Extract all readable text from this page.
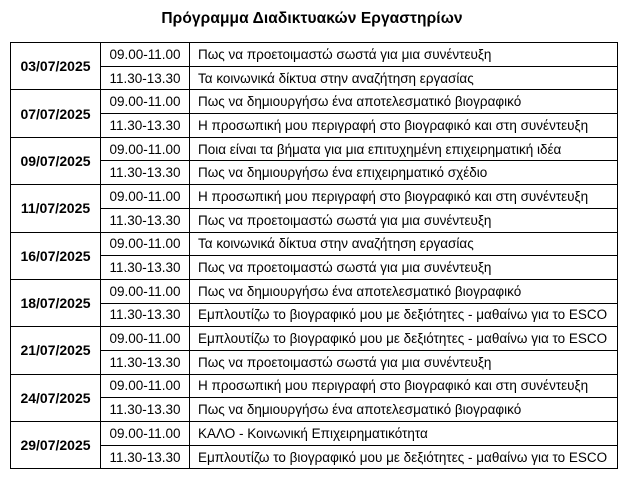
Πρόγραμμα Διαδικτυακών Εργαστηρίων
03/07/2025	09.00-11.00	Πως να προετοιμαστώ σωστά για μια συνέντευξη
	11.30-13.30	Τα κοινωνικά δίκτυα στην αναζήτηση εργασίας
07/07/2025	09.00-11.00	Πως να δημιουργήσω ένα αποτελεσματικό βιογραφικό
	11.30-13.30	Η προσωπική μου περιγραφή στο βιογραφικό και στη συνέντευξη
09/07/2025	09.00-11.00	Ποια είναι τα βήματα για μια επιτυχημένη επιχειρηματική ιδέα
	11.30-13.30	Πως να δημιουργήσω ένα επιχειρηματικό σχέδιο
11/07/2025	09.00-11.00	Η προσωπική μου περιγραφή στο βιογραφικό και στη συνέντευξη
	11.30-13.30	Πως να προετοιμαστώ σωστά για μια συνέντευξη
16/07/2025	09.00-11.00	Τα κοινωνικά δίκτυα στην αναζήτηση εργασίας
	11.30-13.30	Πως να προετοιμαστώ σωστά για μια συνέντευξη
18/07/2025	09.00-11.00	Πως να δημιουργήσω ένα αποτελεσματικό βιογραφικό
	11.30-13.30	Εμπλουτίζω το βιογραφικό μου με δεξιότητες - μαθαίνω για το ESCO
21/07/2025	09.00-11.00	Εμπλουτίζω το βιογραφικό μου με δεξιότητες - μαθαίνω για το ESCO
	11.30-13.30	Πως να προετοιμαστώ σωστά για μια συνέντευξη
24/07/2025	09.00-11.00	Η προσωπική μου περιγραφή στο βιογραφικό και στη συνέντευξη
	11.30-13.30	Πως να δημιουργήσω ένα αποτελεσματικό βιογραφικό
29/07/2025	09.00-11.00	ΚΑΛΟ - Κοινωνική Επιχειρηματικότητα
	11.30-13.30	Εμπλουτίζω το βιογραφικό μου με δεξιότητες - μαθαίνω για το ESCO
